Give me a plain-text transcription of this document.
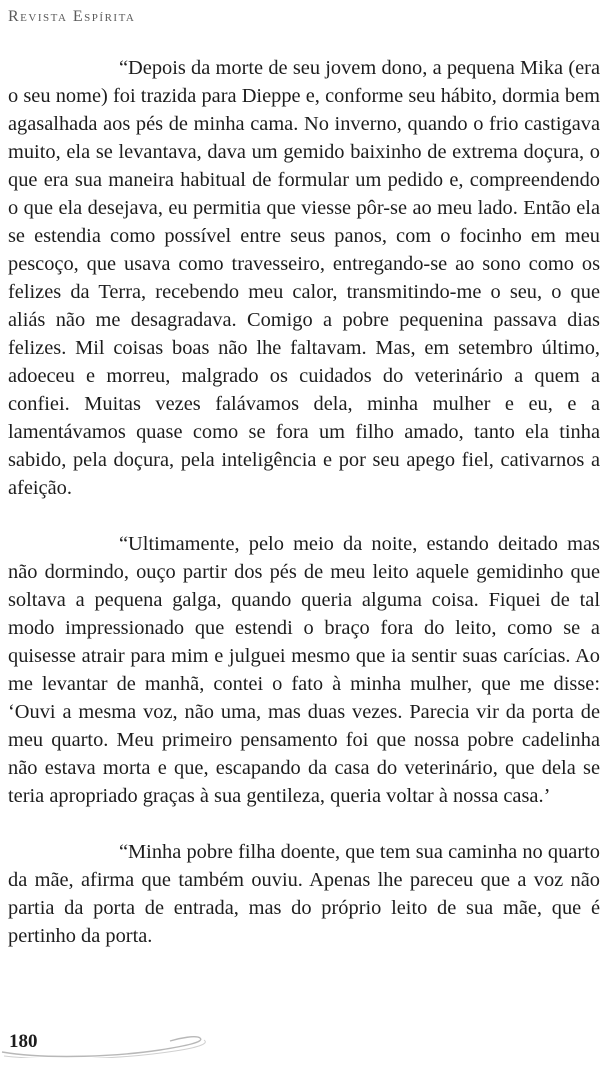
Revista Espírita

“Depois da morte de seu jovem dono, a pequena Mika (era o seu nome) foi trazida para Dieppe e, conforme seu hábito, dormia bem agasalhada aos pés de minha cama. No inverno, quando o frio castigava muito, ela se levantava, dava um gemido baixinho de extrema doçura, o que era sua maneira habitual de formular um pedido e, compreendendo o que ela desejava, eu permitia que viesse pôr-se ao meu lado. Então ela se estendia como possível entre seus panos, com o focinho em meu pescoço, que usava como travesseiro, entregando-se ao sono como os felizes da Terra, recebendo meu calor, transmitindo-me o seu, o que aliás não me desagradava. Comigo a pobre pequenina passava dias felizes. Mil coisas boas não lhe faltavam. Mas, em setembro último, adoeceu e morreu, malgrado os cuidados do veterinário a quem a confiei. Muitas vezes falávamos dela, minha mulher e eu, e a lamentávamos quase como se fora um filho amado, tanto ela tinha sabido, pela doçura, pela inteligência e por seu apego fiel, cativarnos a afeição.

“Ultimamente, pelo meio da noite, estando deitado mas não dormindo, ouço partir dos pés de meu leito aquele gemidinho que soltava a pequena galga, quando queria alguma coisa. Fiquei de tal modo impressionado que estendi o braço fora do leito, como se a quisesse atrair para mim e julguei mesmo que ia sentir suas carícias. Ao me levantar de manhã, contei o fato à minha mulher, que me disse: ‘Ouvi a mesma voz, não uma, mas duas vezes. Parecia vir da porta de meu quarto. Meu primeiro pensamento foi que nossa pobre cadelinha não estava morta e que, escapando da casa do veterinário, que dela se teria apropriado graças à sua gentileza, queria voltar à nossa casa.’

“Minha pobre filha doente, que tem sua caminha no quarto da mãe, afirma que também ouviu. Apenas lhe pareceu que a voz não partia da porta de entrada, mas do próprio leito de sua mãe, que é pertinho da porta.

180
